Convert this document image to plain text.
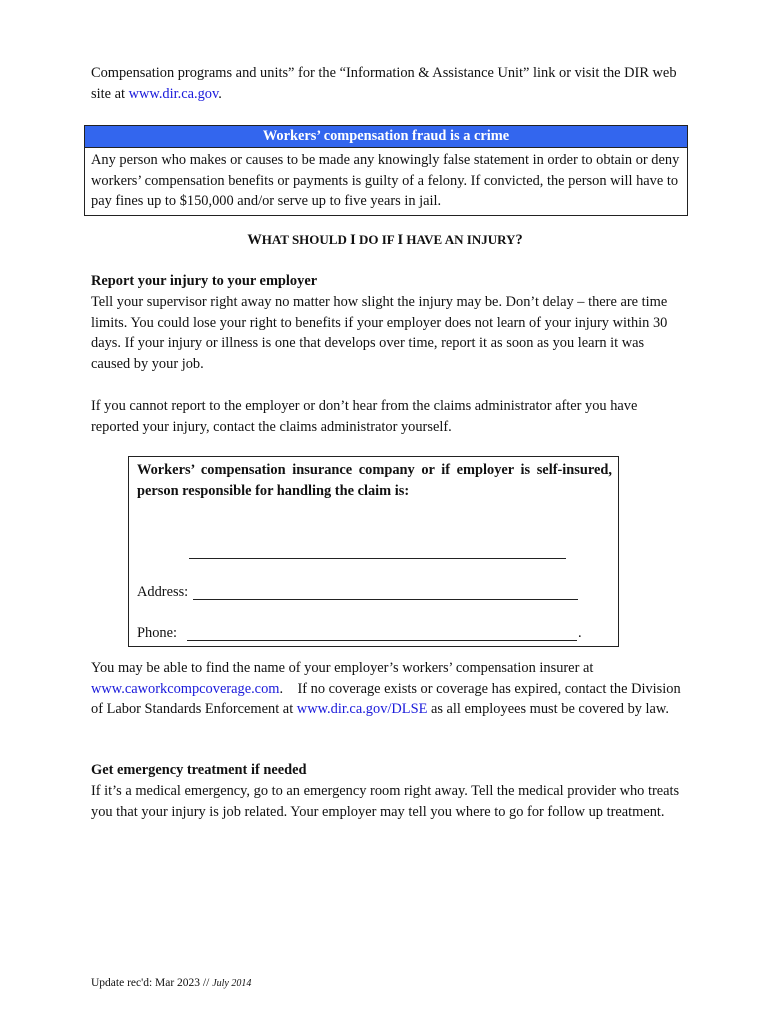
Compensation programs and units” for the “Information & Assistance Unit” link or visit the DIR web site at www.dir.ca.gov.

Workers’ compensation fraud is a crime
Any person who makes or causes to be made any knowingly false statement in order to obtain or deny workers’ compensation benefits or payments is guilty of a felony. If convicted, the person will have to pay fines up to $150,000 and/or serve up to five years in jail.
WHAT SHOULD I DO IF I HAVE AN INJURY?

Report your injury to your employer

Tell your supervisor right away no matter how slight the injury may be. Don’t delay – there are time limits. You could lose your right to benefits if your employer does not learn of your injury within 30 days. If your injury or illness is one that develops over time, report it as soon as you learn it was caused by your job.

If you cannot report to the employer or don’t hear from the claims administrator after you have reported your injury, contact the claims administrator yourself.

Workers’ compensation insurance company or if employer is self-insured, person responsible for handling the claim is:
Address:
Phone:	.

You may be able to find the name of your employer’s workers’ compensation insurer at www.caworkcompcoverage.com.    If no coverage exists or coverage has expired, contact the Division of Labor Standards Enforcement at www.dir.ca.gov/DLSE as all employees must be covered by law.

Get emergency treatment if needed

If it’s a medical emergency, go to an emergency room right away. Tell the medical provider who treats you that your injury is job related. Your employer may tell you where to go for follow up treatment.

Update rec'd: Mar 2023 // July 2014
